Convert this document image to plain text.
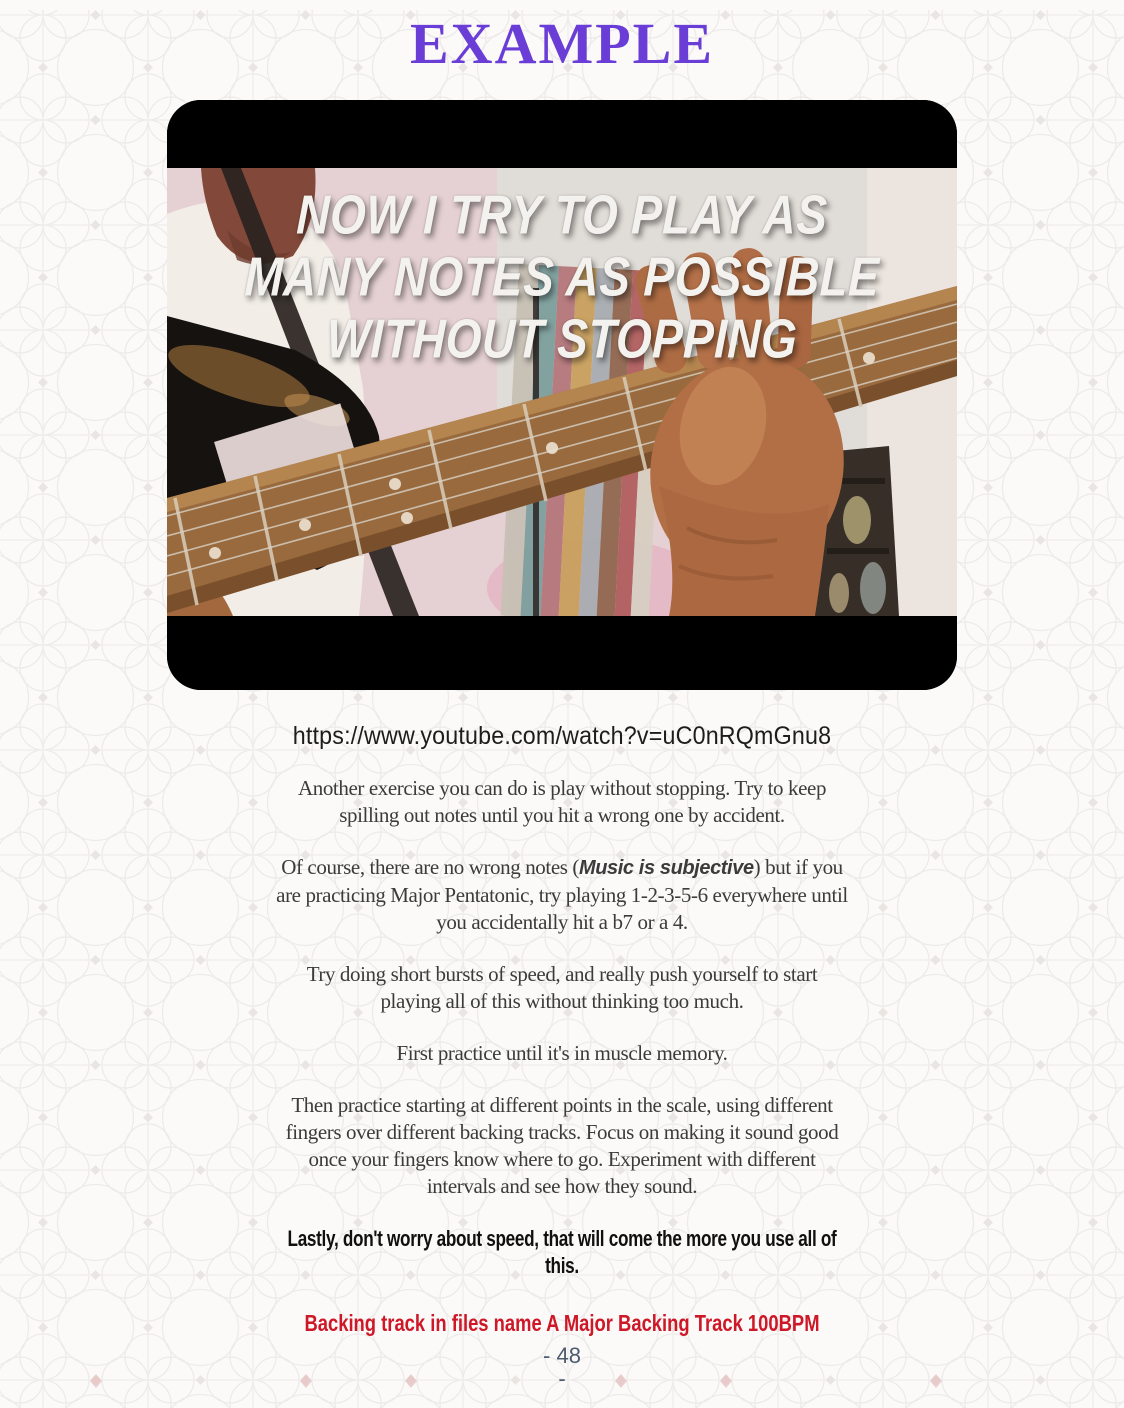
EXAMPLE
NOW I TRY TO PLAY AS
MANY NOTES AS POSSIBLE
WITHOUT STOPPING
https://www.youtube.com/watch?v=uC0nRQmGnu8
Another exercise you can do is play without stopping. Try to keep
spilling out notes until you hit a wrong one by accident.
Of course, there are no wrong notes (Music is subjective) but if you
are practicing Major Pentatonic, try playing 1-2-3-5-6 everywhere until
you accidentally hit a b7 or a 4.
Try doing short bursts of speed, and really push yourself to start
playing all of this without thinking too much.
First practice until it's in muscle memory.
Then practice starting at different points in the scale, using different
fingers over different backing tracks. Focus on making it sound good
once your fingers know where to go. Experiment with different
intervals and see how they sound.
Lastly, don't worry about speed, that will come the more you use all of
this.
Backing track in files name A Major Backing Track 100BPM
- 48
-
